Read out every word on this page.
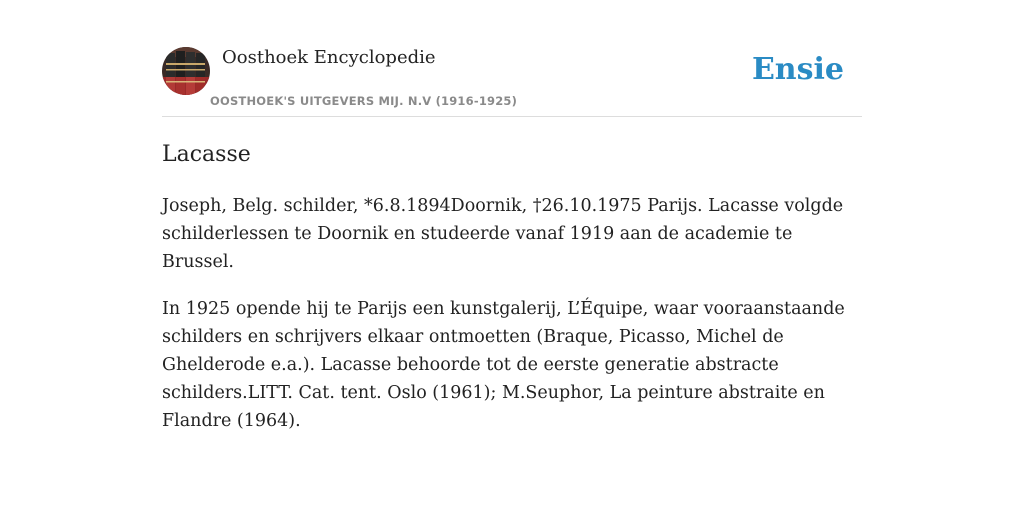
Oosthoek Encyclopedie
OOSTHOEK'S UITGEVERS MIJ. N.V (1916-1925)
Ensie
Lacasse

Joseph, Belg. schilder, *6.8.1894Doornik, †26.10.1975 Parijs. Lacasse volgde schilderlessen te Doornik en studeerde vanaf 1919 aan de academie te Brussel.

In 1925 opende hij te Parijs een kunstgalerij, L’Équipe, waar vooraanstaande schilders en schrijvers elkaar ontmoetten (Braque, Picasso, Michel de Ghelderode e.a.). Lacasse behoorde tot de eerste generatie abstracte schilders.LITT. Cat. tent. Oslo (1961); M.Seuphor, La peinture abstraite en Flandre (1964).
